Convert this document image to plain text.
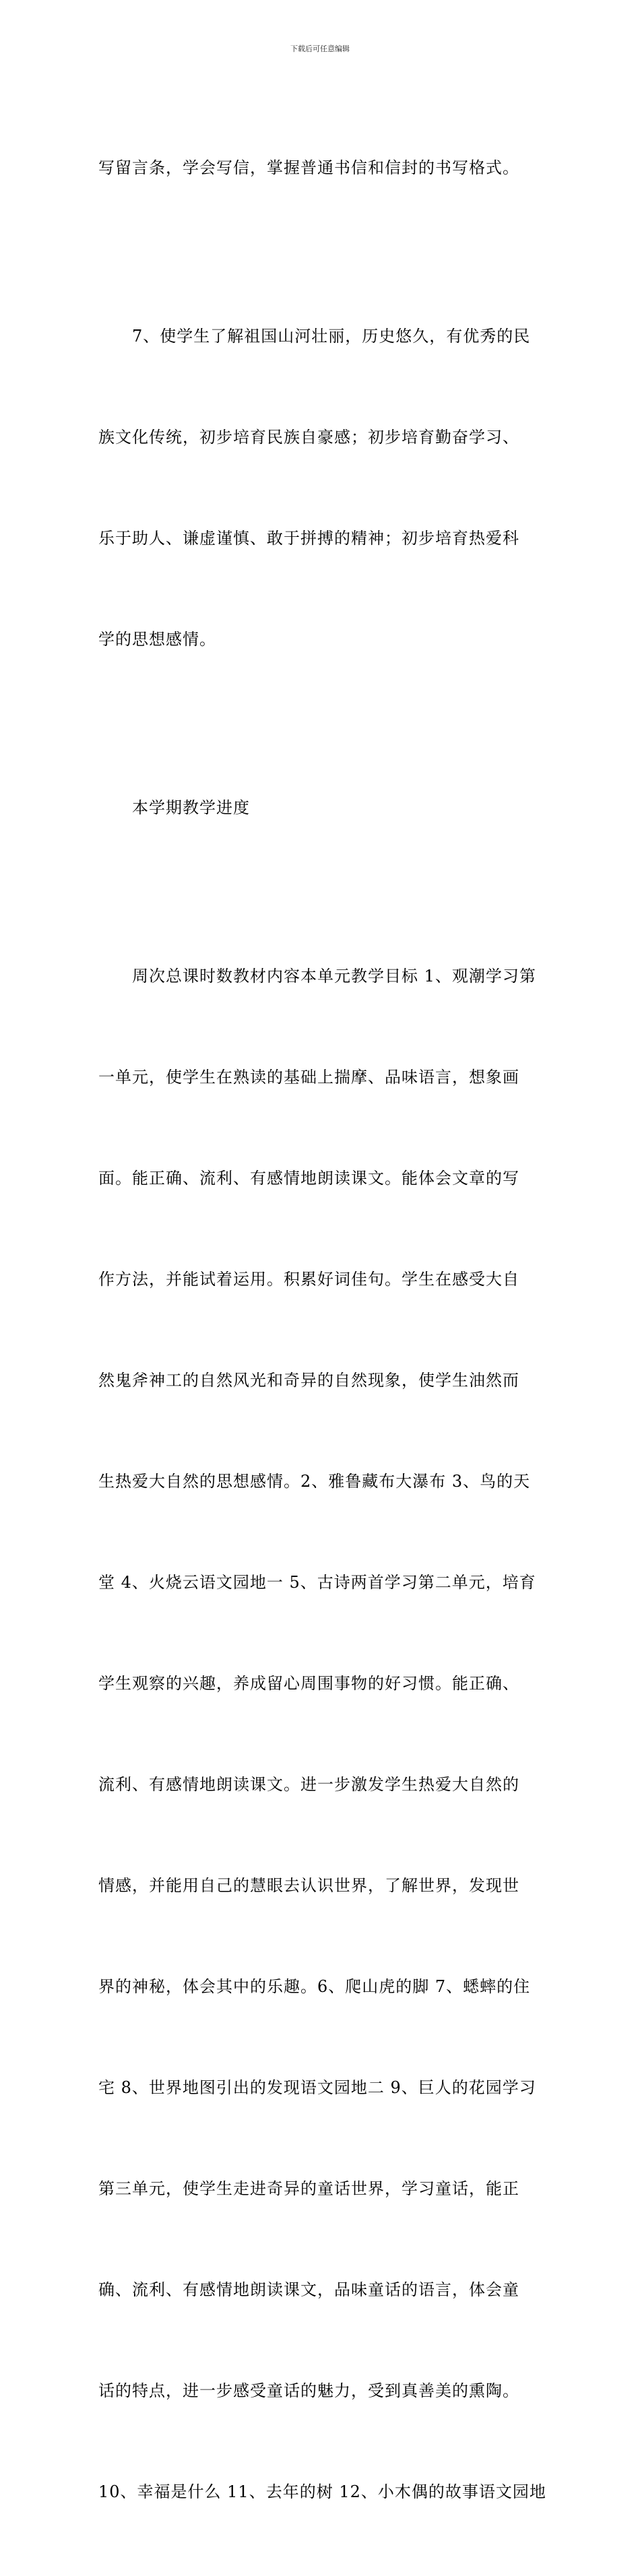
下载后可任意编辑

写留言条，学会写信，掌握普通书信和信封的书写格式。

7、使学生了解祖国山河壮丽，历史悠久，有优秀的民

族文化传统，初步培育民族自豪感；初步培育勤奋学习、

乐于助人、谦虚谨慎、敢于拼搏的精神；初步培育热爱科

学的思想感情。

本学期教学进度

周次总课时数教材内容本单元教学目标 1、观潮学习第

一单元，使学生在熟读的基础上揣摩、品味语言，想象画

面。能正确、流利、有感情地朗读课文。能体会文章的写

作方法，并能试着运用。积累好词佳句。学生在感受大自

然鬼斧神工的自然风光和奇异的自然现象，使学生油然而

生热爱大自然的思想感情。2、雅鲁藏布大瀑布 3、鸟的天

堂 4、火烧云语文园地一 5、古诗两首学习第二单元，培育

学生观察的兴趣，养成留心周围事物的好习惯。能正确、

流利、有感情地朗读课文。进一步激发学生热爱大自然的

情感，并能用自己的慧眼去认识世界，了解世界，发现世

界的神秘，体会其中的乐趣。6、爬山虎的脚 7、蟋蟀的住

宅 8、世界地图引出的发现语文园地二 9、巨人的花园学习

第三单元，使学生走进奇异的童话世界，学习童话，能正

确、流利、有感情地朗读课文，品味童话的语言，体会童

话的特点，进一步感受童话的魅力，受到真善美的熏陶。

10、幸福是什么 11、去年的树 12、小木偶的故事语文园地
